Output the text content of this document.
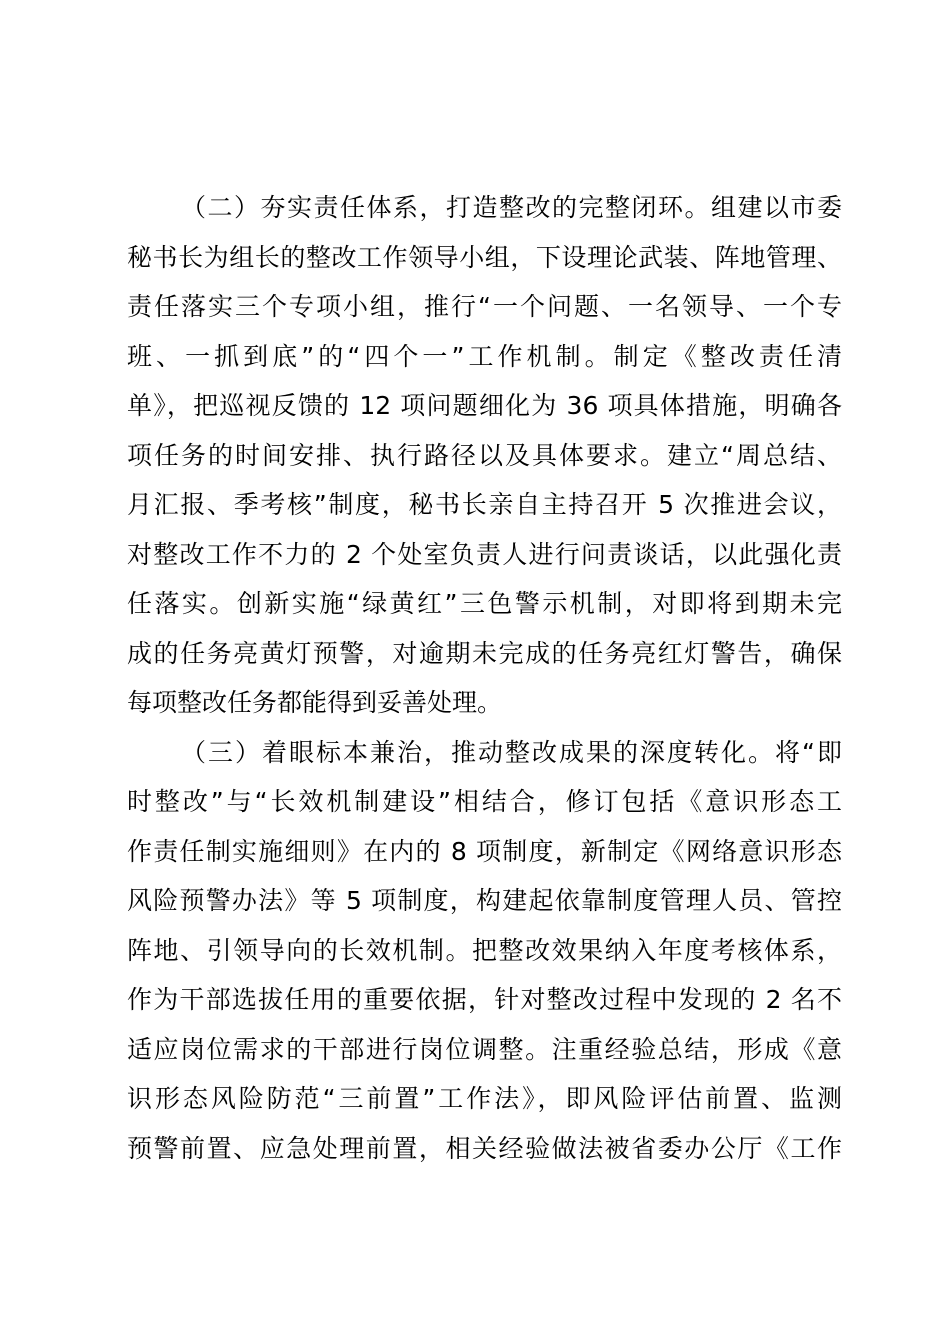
（二）夯实责任体系，打造整改的完整闭环。组建以市委
秘书长为组长的整改工作领导小组，下设理论武装、阵地管理、
责任落实三个专项小组，推行“一个问题、一名领导、一个专
班、一抓到底”的“四个一”工作机制。制定《整改责任清
单》，把巡视反馈的 12 项问题细化为 36 项具体措施，明确各
项任务的时间安排、执行路径以及具体要求。建立“周总结、
月汇报、季考核”制度，秘书长亲自主持召开 5 次推进会议，
对整改工作不力的 2 个处室负责人进行问责谈话，以此强化责
任落实。创新实施“绿黄红”三色警示机制，对即将到期未完
成的任务亮黄灯预警，对逾期未完成的任务亮红灯警告，确保
每项整改任务都能得到妥善处理。
（三）着眼标本兼治，推动整改成果的深度转化。将“即
时整改”与“长效机制建设”相结合，修订包括《意识形态工
作责任制实施细则》在内的 8 项制度，新制定《网络意识形态
风险预警办法》等 5 项制度，构建起依靠制度管理人员、管控
阵地、引领导向的长效机制。把整改效果纳入年度考核体系，
作为干部选拔任用的重要依据，针对整改过程中发现的 2 名不
适应岗位需求的干部进行岗位调整。注重经验总结，形成《意
识形态风险防范“三前置”工作法》，即风险评估前置、监测
预警前置、应急处理前置，相关经验做法被省委办公厅《工作
